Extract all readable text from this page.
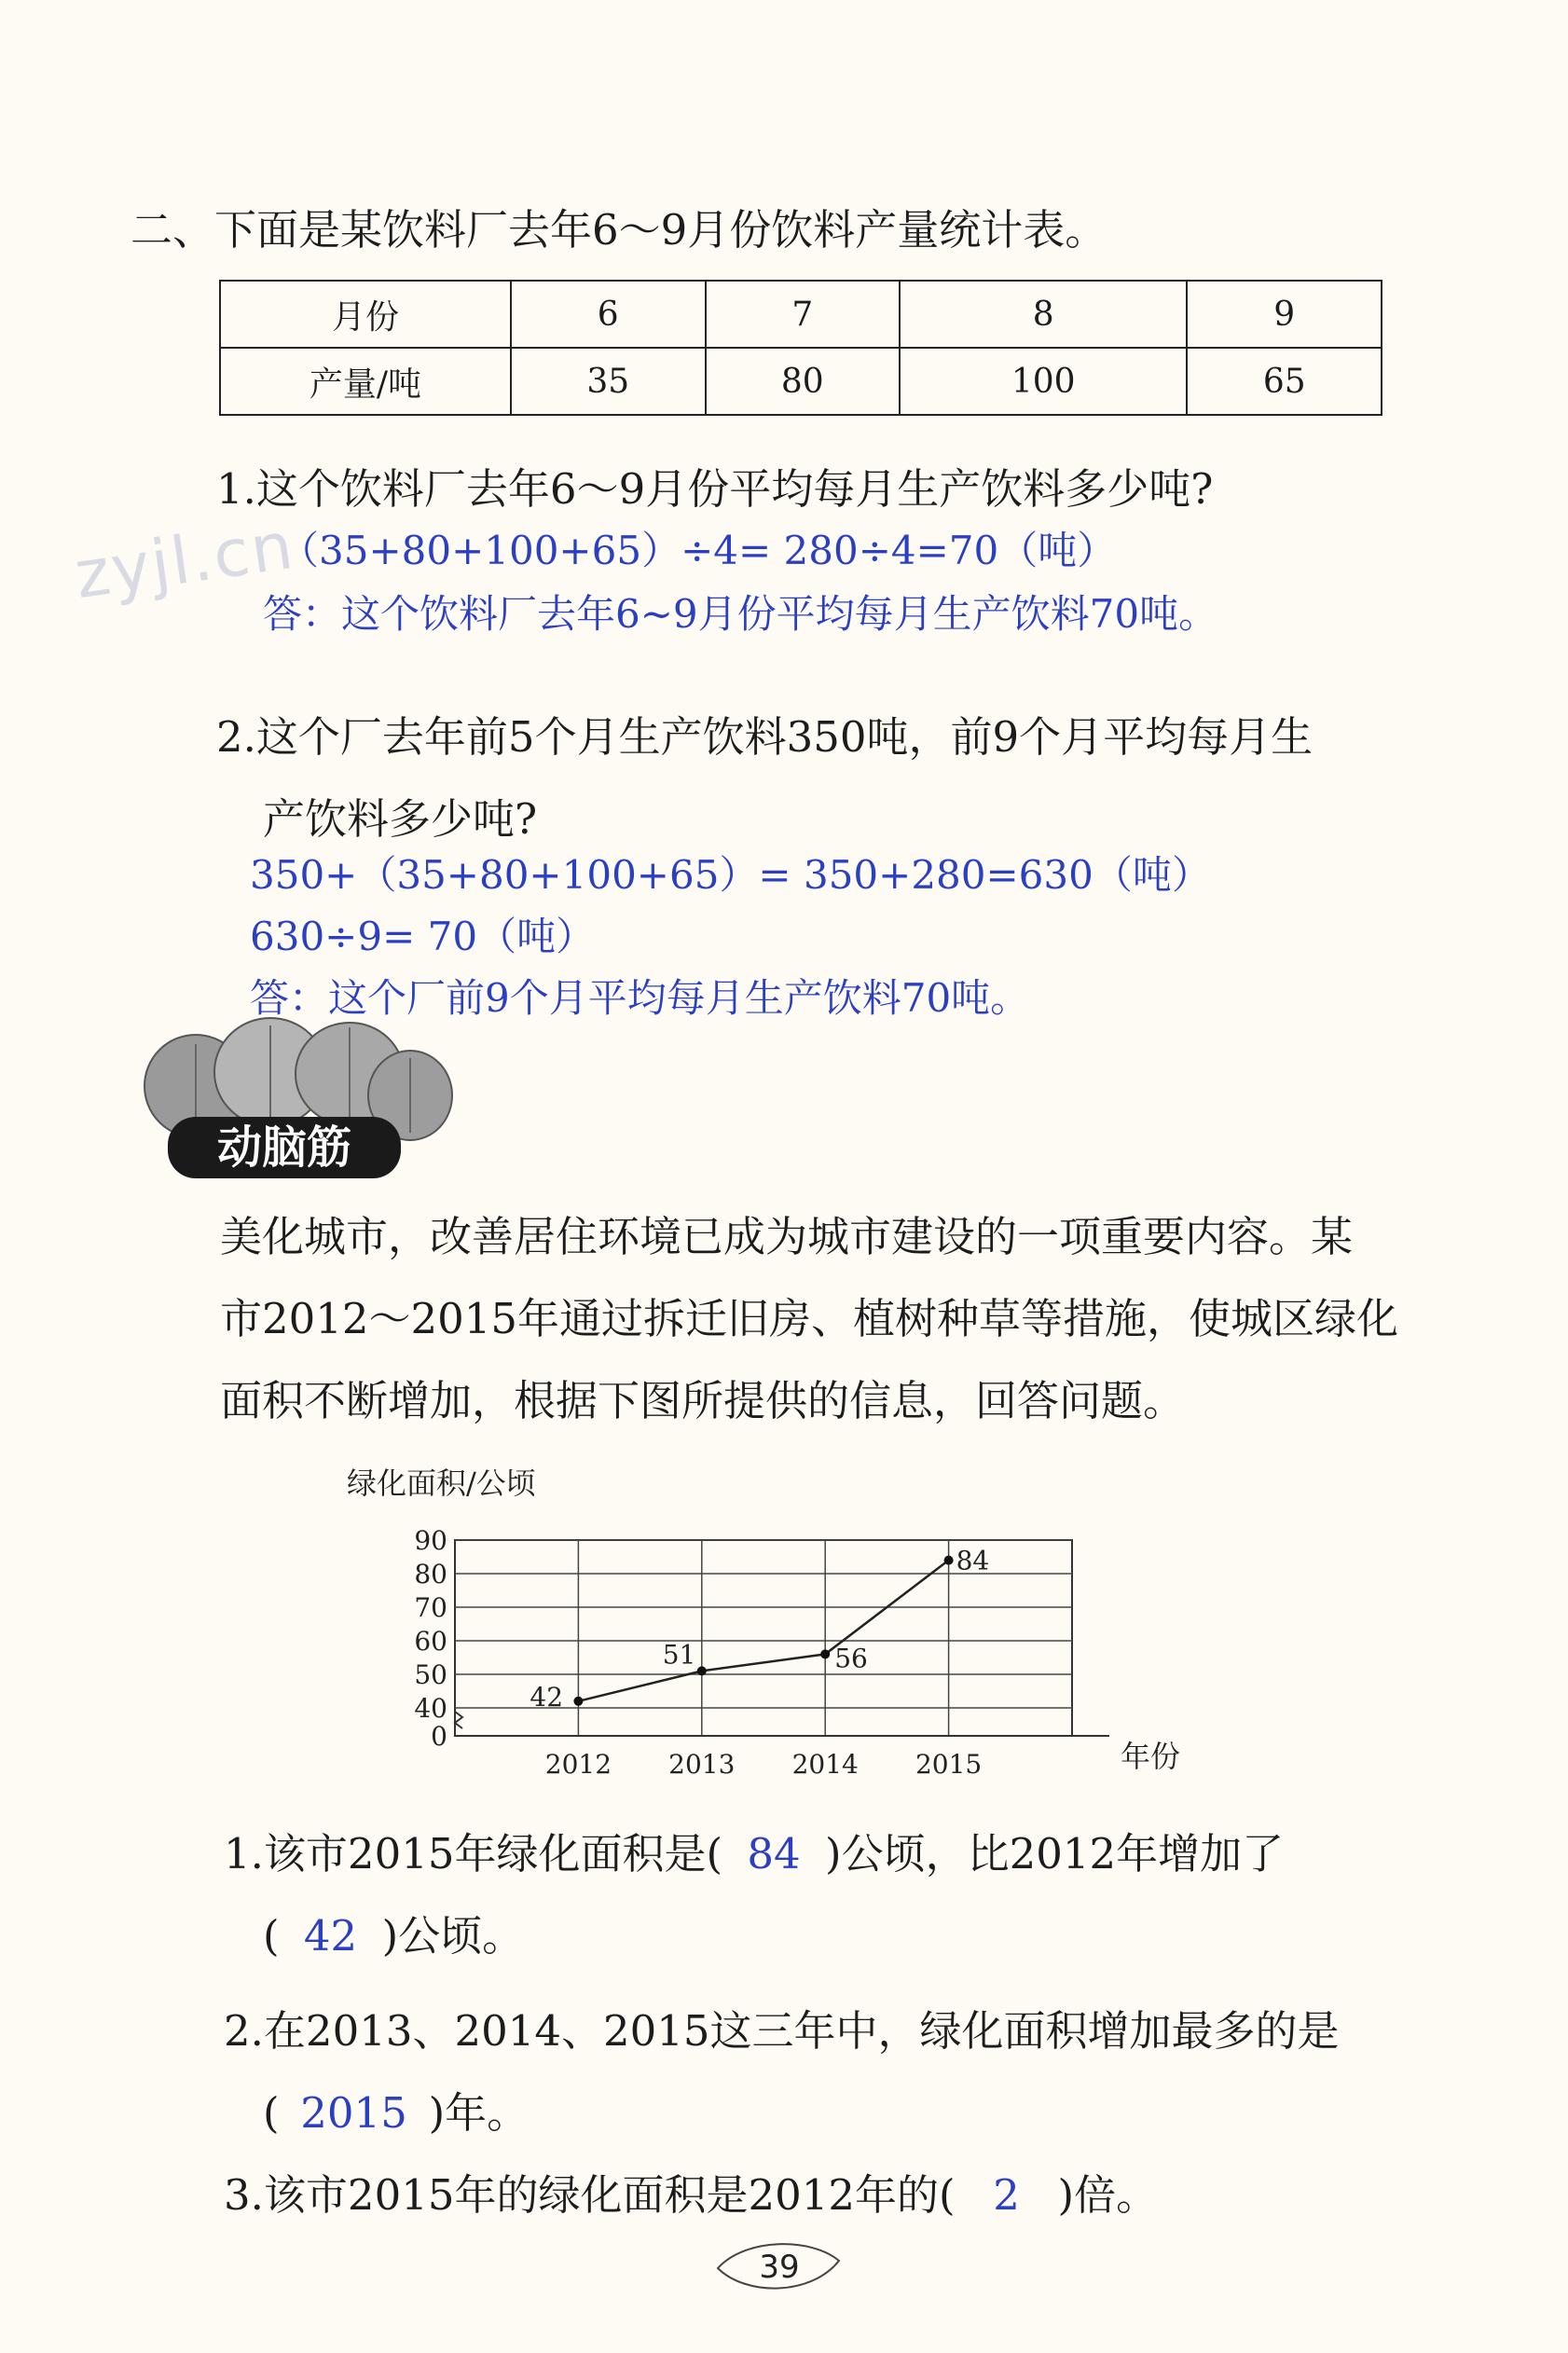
二、下面是某饮料厂去年6～9月份饮料产量统计表。
月份	6	7	8	9
产量/吨	35	80	100	65
1.这个饮料厂去年6～9月份平均每月生产饮料多少吨?
zyjl.cn
（35+80+100+65）÷4= 280÷4=70（吨）
答：这个饮料厂去年6~9月份平均每月生产饮料70吨。
2.这个厂去年前5个月生产饮料350吨，前9个月平均每月生
产饮料多少吨?
350+（35+80+100+65）= 350+280=630（吨）
630÷9= 70（吨）
答：这个厂前9个月平均每月生产饮料70吨。
动脑筋
美化城市，改善居住环境已成为城市建设的一项重要内容。某
市2012～2015年通过拆迁旧房、植树种草等措施，使城区绿化
面积不断增加，根据下图所提供的信息，回答问题。
绿化面积/公顷
年份
0
40
50
60
70
80
90
2012 2013 2014 2015
42
51	56
84
1.该市2015年绿化面积是( 84 )公顷，比2012年增加了
( 42 )公顷。
2.在2013、2014、2015这三年中，绿化面积增加最多的是
( 2015 )年。
3.该市2015年的绿化面积是2012年的( 2 )倍。
39
